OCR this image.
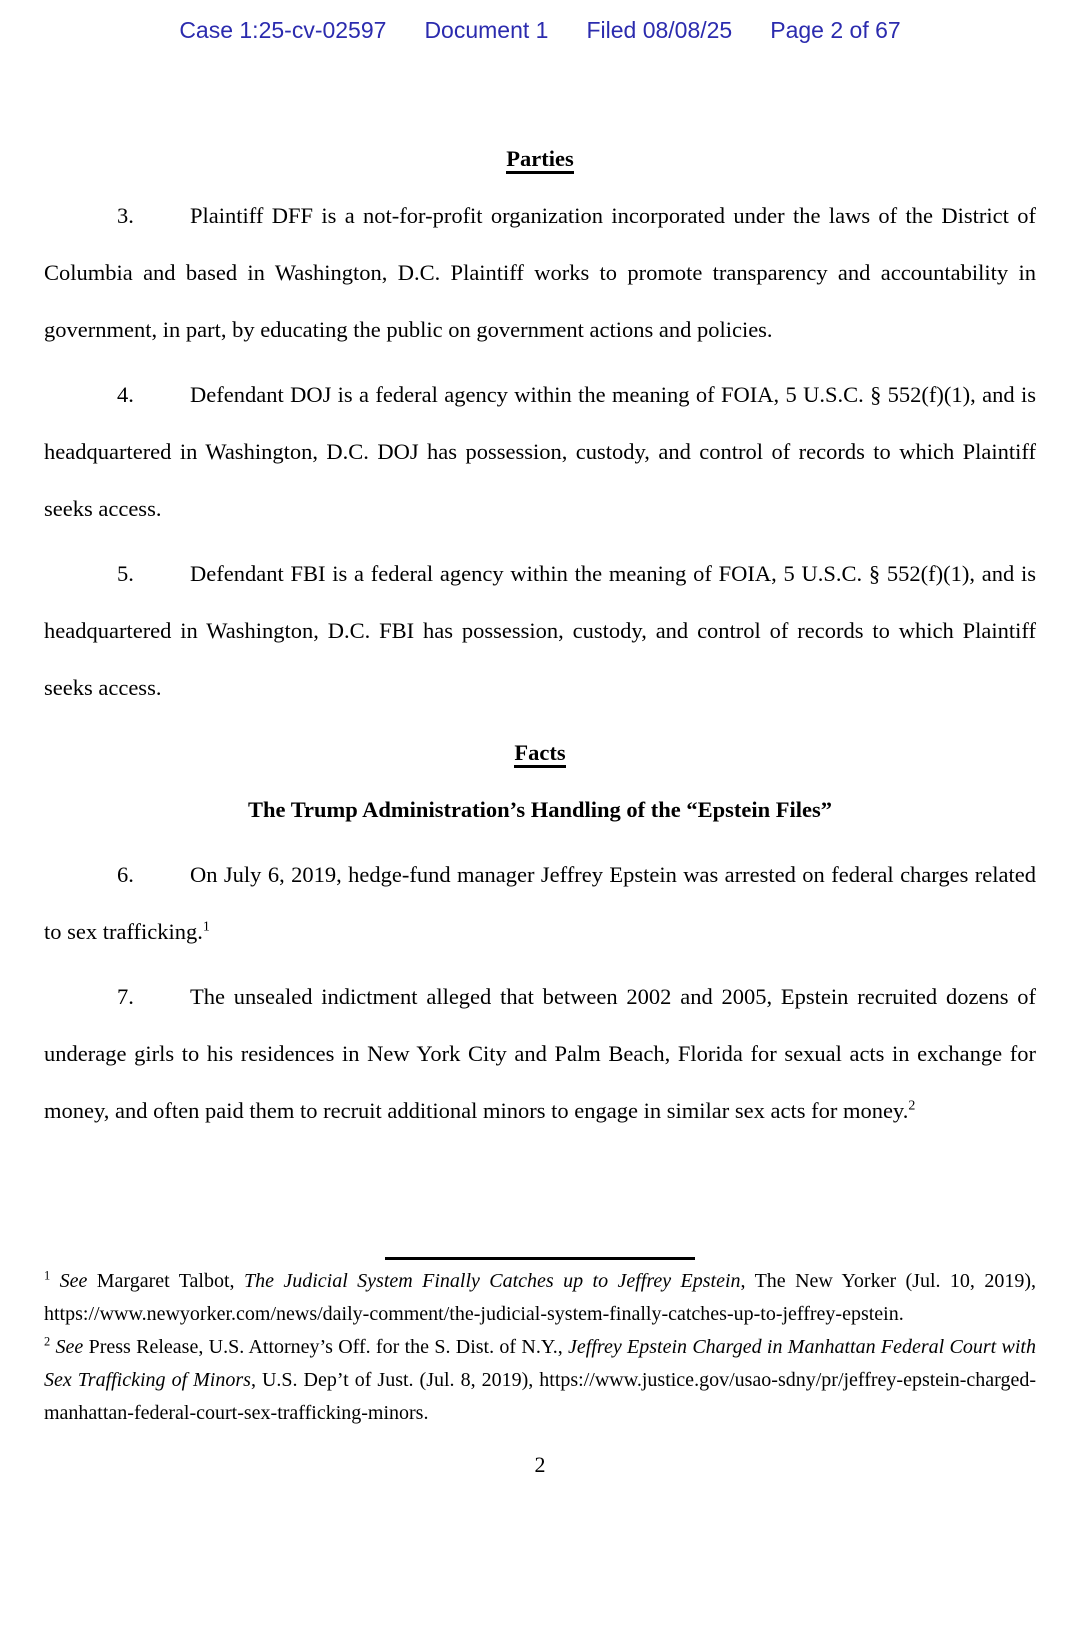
Case 1:25-cv-02597 Document 1 Filed 08/08/25 Page 2 of 67
Parties

3. Plaintiff DFF is a not-for-profit organization incorporated under the laws of the District of Columbia and based in Washington, D.C. Plaintiff works to promote transparency and accountability in government, in part, by educating the public on government actions and policies.

4. Defendant DOJ is a federal agency within the meaning of FOIA, 5 U.S.C. § 552(f)(1), and is headquartered in Washington, D.C. DOJ has possession, custody, and control of records to which Plaintiff seeks access.

5. Defendant FBI is a federal agency within the meaning of FOIA, 5 U.S.C. § 552(f)(1), and is headquartered in Washington, D.C. FBI has possession, custody, and control of records to which Plaintiff seeks access.

Facts
The Trump Administration’s Handling of the “Epstein Files”

6. On July 6, 2019, hedge-fund manager Jeffrey Epstein was arrested on federal charges related to sex trafficking.$^1$

7. The unsealed indictment alleged that between 2002 and 2005, Epstein recruited dozens of underage girls to his residences in New York City and Palm Beach, Florida for sexual acts in exchange for money, and often paid them to recruit additional minors to engage in similar sex acts for money.$^2$

$^1$ See Margaret Talbot, The Judicial System Finally Catches up to Jeffrey Epstein, The New Yorker (Jul. 10, 2019), https://www.newyorker.com/news/daily-comment/the-judicial-system-finally-catches-up-to-jeffrey-epstein.

$^2$ See Press Release, U.S. Attorney’s Off. for the S. Dist. of N.Y., Jeffrey Epstein Charged in Manhattan Federal Court with Sex Trafficking of Minors, U.S. Dep’t of Just. (Jul. 8, 2019), https://www.justice.gov/usao-sdny/pr/jeffrey-epstein-charged-manhattan-federal-court-sex-trafficking-minors.

2
